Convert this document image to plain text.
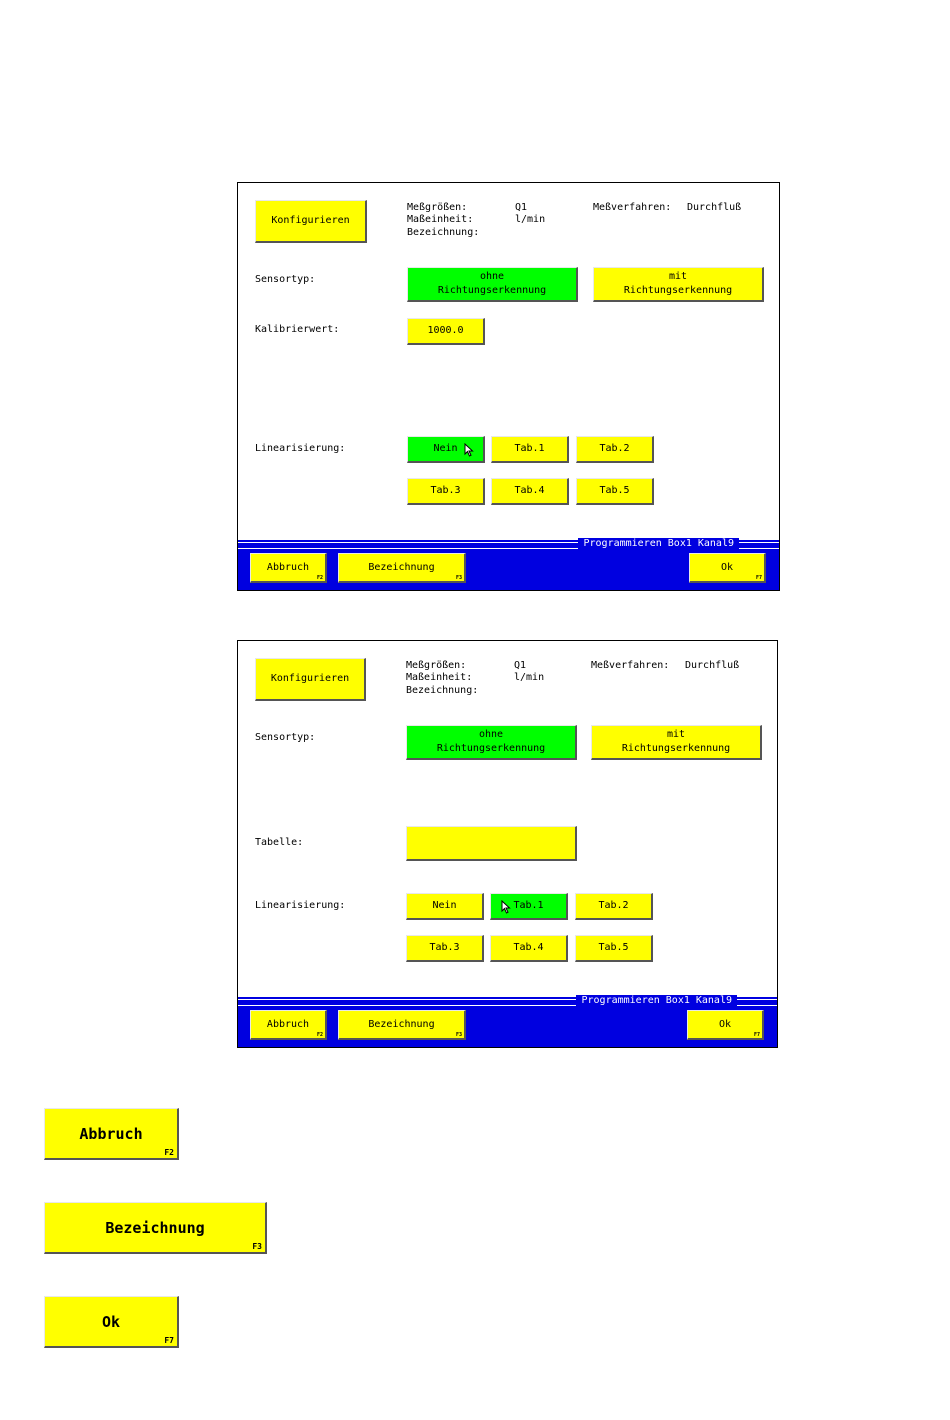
Konfigurieren
Meßgrößen:	Q1	Meßverfahren: Durchfluß
Maßeinheit:	l/min
Bezeichnung:
Sensortyp:	ohne
Richtungserkennung
mit
Richtungserkennung
Kalibrierwert:	1000.0
Linearisierung:	Nein	Tab.1	Tab.2
Tab.3	Tab.4	Tab.5
Programmieren Box1 Kanal9
Abbruch
F2
Bezeichnung
F3
Ok
F7
Konfigurieren
Meßgrößen:	Q1	Meßverfahren: Durchfluß
Maßeinheit:	l/min
Bezeichnung:
Sensortyp:	ohne
Richtungserkennung
mit
Richtungserkennung
Tabelle:
Linearisierung:	Nein	Tab.1	Tab.2
Tab.3	Tab.4	Tab.5
Programmieren Box1 Kanal9
Abbruch
F2
Bezeichnung
F3
Ok
F7
Abbruch
F2
Bezeichnung
F3
Ok
F7
